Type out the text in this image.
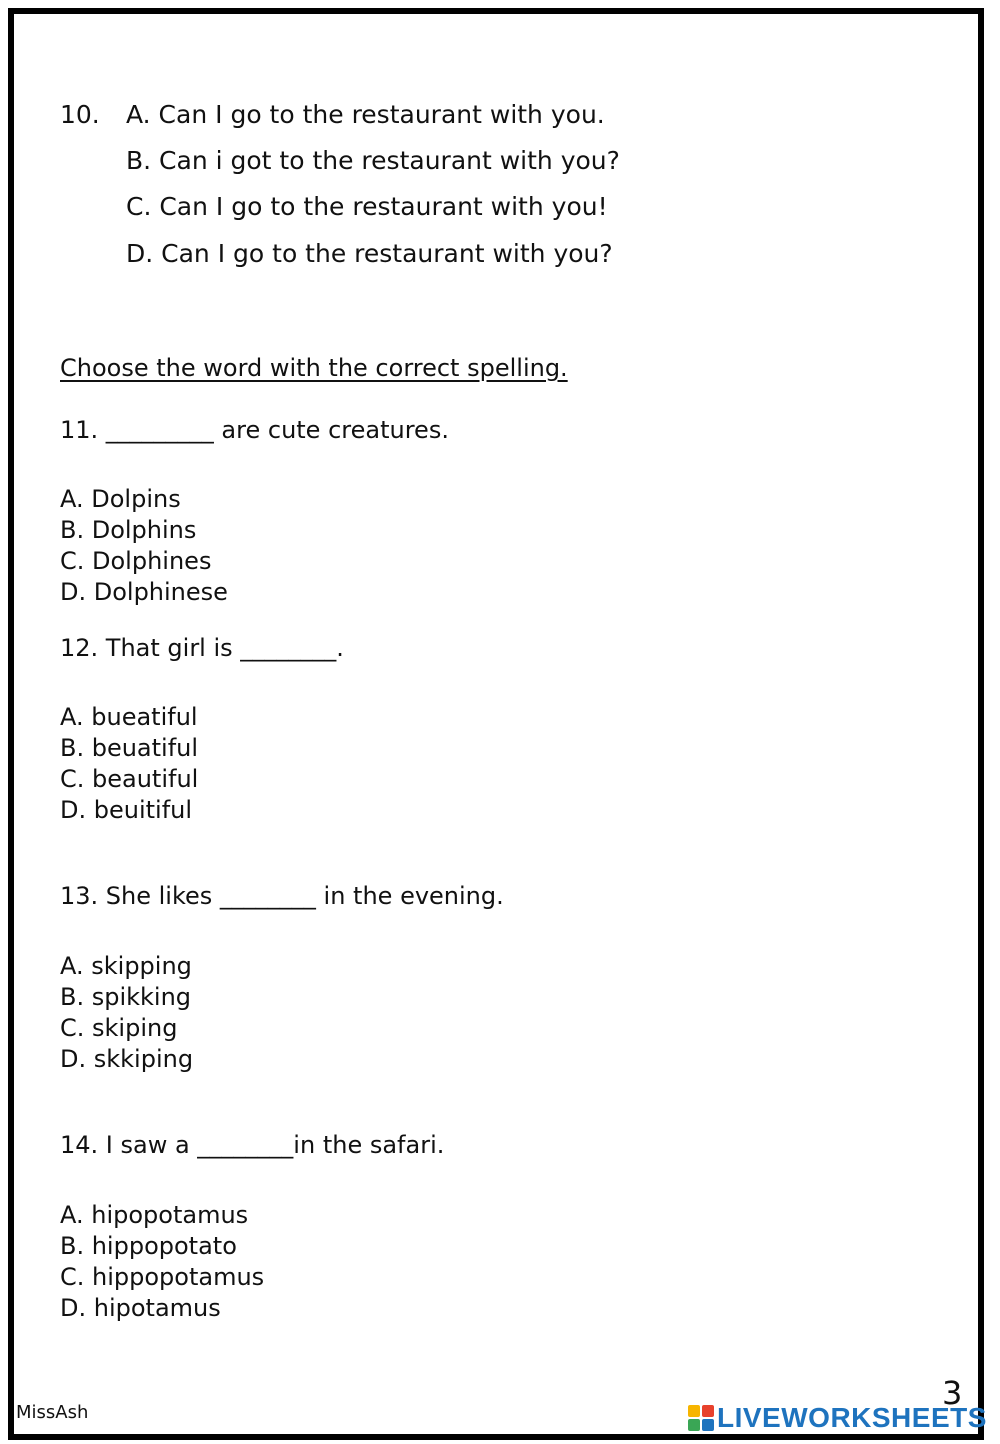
10. A. Can I go to the restaurant with you.
B. Can i got to the restaurant with you?
C. Can I go to the restaurant with you!
D. Can I go to the restaurant with you?
Choose the word with the correct spelling.
11. _________ are cute creatures.
A. Dolpins
B. Dolphins
C. Dolphines
D. Dolphinese
12. That girl is ________.
A. bueatiful
B. beuatiful
C. beautiful
D. beuitiful
13. She likes ________ in the evening.
A. skipping
B. spikking
C. skiping
D. skkiping
14. I saw a ________in the safari.
A. hipopotamus
B. hippopotato
C. hippopotamus
D. hipotamus
MissAsh
3
LIVEWORKSHEETS
